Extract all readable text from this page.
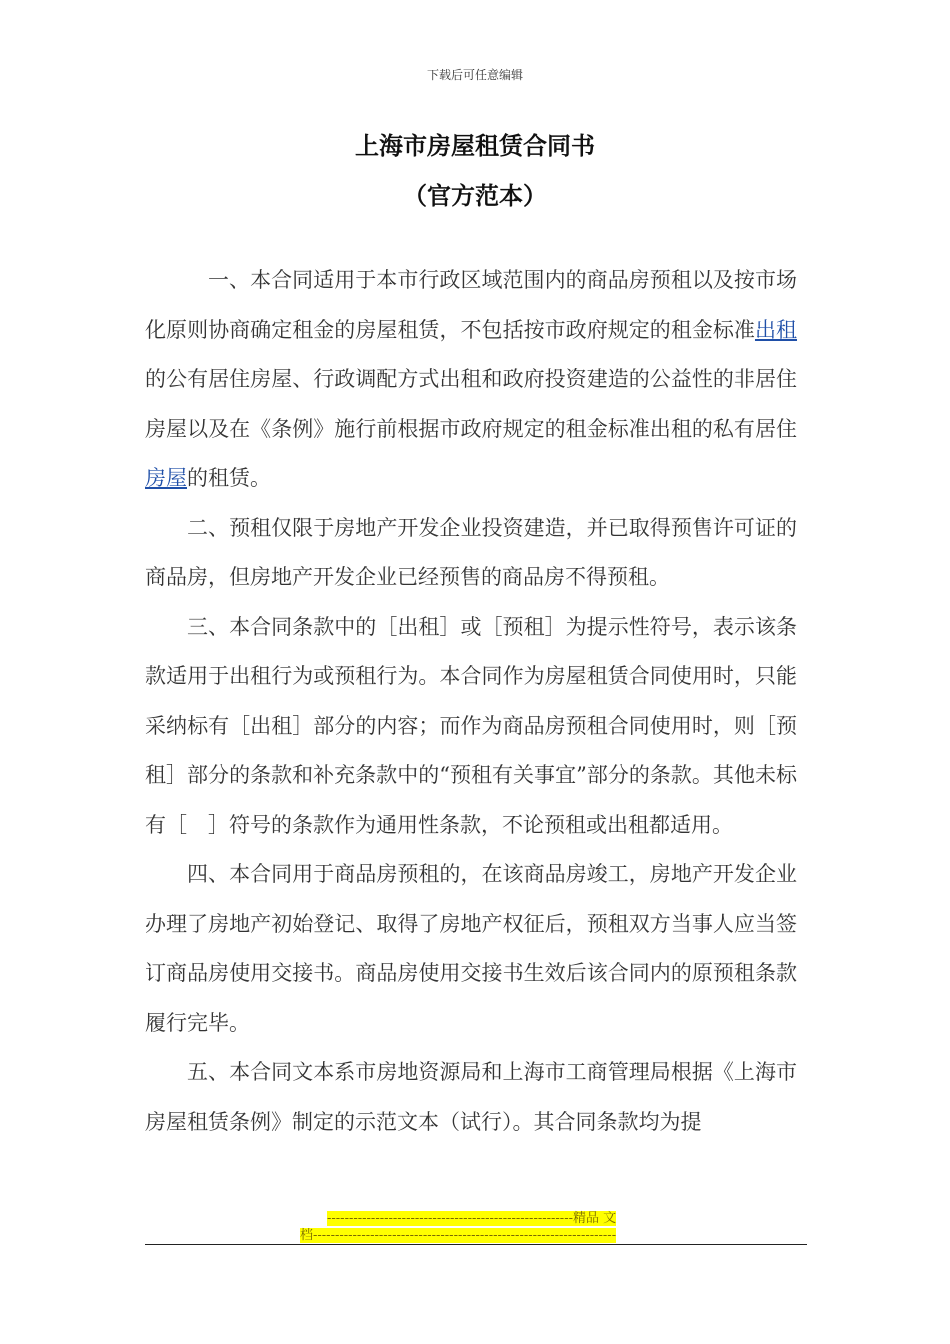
下载后可任意编辑
上海市房屋租赁合同书
（官方范本）

一、本合同适用于本市行政区域范围内的商品房预租以及按市场化原则协商确定租金的房屋租赁，不包括按市政府规定的租金标准出租的公有居住房屋、行政调配方式出租和政府投资建造的公益性的非居住房屋以及在《条例》施行前根据市政府规定的租金标准出租的私有居住房屋的租赁。

二、预租仅限于房地产开发企业投资建造，并已取得预售许可证的商品房，但房地产开发企业已经预售的商品房不得预租。

三、本合同条款中的［出租］或［预租］为提示性符号，表示该条款适用于出租行为或预租行为。本合同作为房屋租赁合同使用时，只能采纳标有［出租］部分的内容；而作为商品房预租合同使用时，则［预租］部分的条款和补充条款中的“预租有关事宜”部分的条款。其他未标有［　］符号的条款作为通用性条款，不论预租或出租都适用。

四、本合同用于商品房预租的，在该商品房竣工，房地产开发企业办理了房地产初始登记、取得了房地产权征后，预租双方当事人应当签订商品房使用交接书。商品房使用交接书生效后该合同内的原预租条款履行完毕。

五、本合同文本系市房地资源局和上海市工商管理局根据《上海市房屋租赁条例》制定的示范文本（试行）。其合同条款均为提

--------------------------------------------------------精品 文
档---------------------------------------------------------------------
